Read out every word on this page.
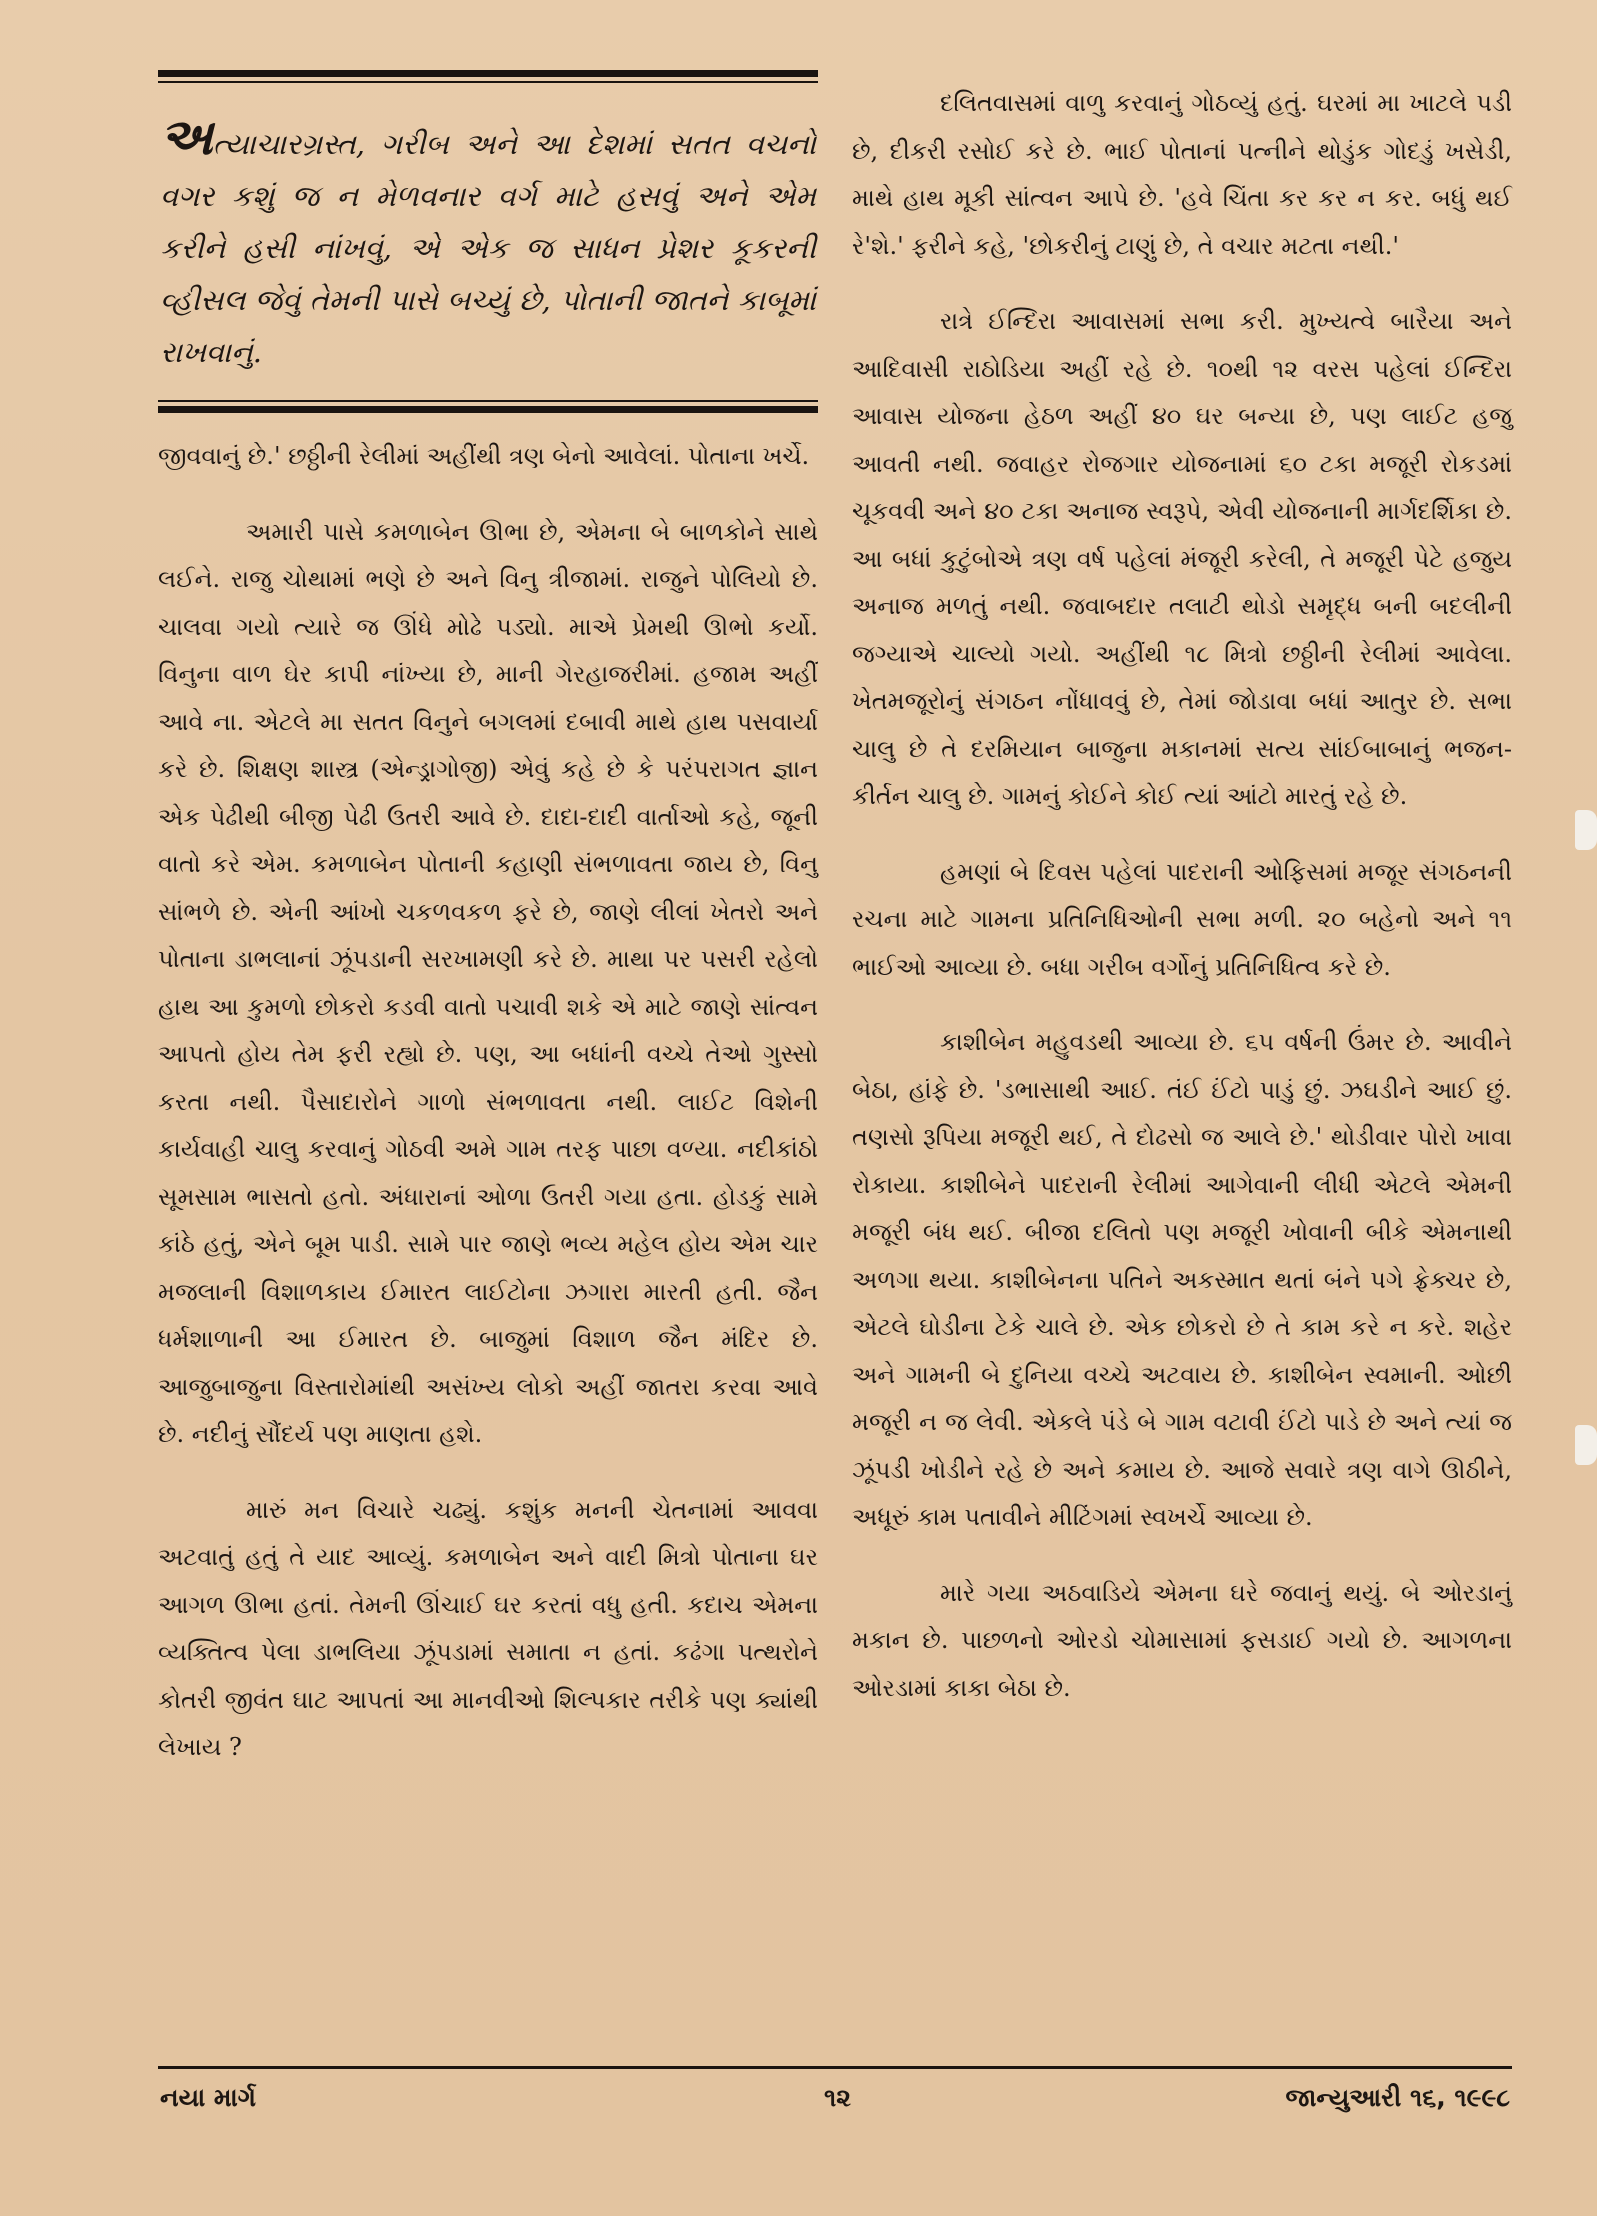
અત્યાચારગ્રસ્ત, ગરીબ અને આ દેશમાં સતત વચનો વગર કશું જ ન મેળવનાર વર્ગ માટે હસવું અને એમ કરીને હસી નાંખવું, એ એક જ સાધન પ્રેશર કૂકરની વ્હીસલ જેવું તેમની પાસે બચ્યું છે, પોતાની જાતને કાબૂમાં રાખવાનું.

જીવવાનું છે.' છઠ્ઠીની રેલીમાં અહીંથી ત્રણ બેનો આવેલાં. પોતાના ખર્ચે.

અમારી પાસે કમળાબેન ઊભા છે, એમના બે બાળકોને સાથે લઈને. રાજુ ચોથામાં ભણે છે અને વિનુ ત્રીજામાં. રાજુને પોલિયો છે. ચાલવા ગયો ત્યારે જ ઊંધે મોઢે પડ્યો. માએ પ્રેમથી ઊભો કર્યો. વિનુના વાળ ઘેર કાપી નાંખ્યા છે, માની ગેરહાજરીમાં. હજામ અહીં આવે ના. એટલે મા સતત વિનુને બગલમાં દબાવી માથે હાથ પસવાર્યા કરે છે. શિક્ષણ શાસ્ત્ર (એન્ડ્રાગોજી) એવું કહે છે કે પરંપરાગત જ્ઞાન એક પેઢીથી બીજી પેઢી ઉતરી આવે છે. દાદા-દાદી વાર્તાઓ કહે, જૂની વાતો કરે એમ. કમળાબેન પોતાની કહાણી સંભળાવતા જાય છે, વિનુ સાંભળે છે. એની આંખો ચકળવકળ ફરે છે, જાણે લીલાં ખેતરો અને પોતાના ડાભલાનાં ઝૂંપડાની સરખામણી કરે છે. માથા પર પસરી રહેલો હાથ આ કુમળો છોકરો કડવી વાતો પચાવી શકે એ માટે જાણે સાંત્વન આપતો હોય તેમ ફરી રહ્યો છે. પણ, આ બધાંની વચ્ચે તેઓ ગુસ્સો કરતા નથી. પૈસાદારોને ગાળો સંભળાવતા નથી. લાઈટ વિશેની કાર્યવાહી ચાલુ કરવાનું ગોઠવી અમે ગામ તરફ પાછા વળ્યા. નદીકાંઠો સૂમસામ ભાસતો હતો. અંધારાનાં ઓળા ઉતરી ગયા હતા. હોડકું સામે કાંઠે હતું, એને બૂમ પાડી. સામે પાર જાણે ભવ્ય મહેલ હોય એમ ચાર મજલાની વિશાળકાય ઈમારત લાઈટોના ઝગારા મારતી હતી. જૈન ધર્મશાળાની આ ઈમારત છે. બાજુમાં વિશાળ જૈન મંદિર છે. આજુબાજુના વિસ્તારોમાંથી અસંખ્ય લોકો અહીં જાતરા કરવા આવે છે. નદીનું સૌંદર્ય પણ માણતા હશે.

મારું મન વિચારે ચઢ્યું. કશુંક મનની ચેતનામાં આવવા અટવાતું હતું તે યાદ આવ્યું. કમળાબેન અને વાદી મિત્રો પોતાના ઘર આગળ ઊભા હતાં. તેમની ઊંચાઈ ઘર કરતાં વધુ હતી. કદાચ એમના વ્યક્તિત્વ પેલા ડાભલિયા ઝૂંપડામાં સમાતા ન હતાં. કઢંગા પત્થરોને કોતરી જીવંત ઘાટ આપતાં આ માનવીઓ શિલ્પકાર તરીકે પણ ક્યાંથી લેખાય ?

દલિતવાસમાં વાળુ કરવાનું ગોઠવ્યું હતું. ઘરમાં મા ખાટલે પડી છે, દીકરી રસોઈ કરે છે. ભાઈ પોતાનાં પત્નીને થોડુંક ગોદડું ખસેડી, માથે હાથ મૂકી સાંત્વન આપે છે. 'હવે ચિંતા કર કર ન કર. બધું થઈ રે'શે.' ફરીને કહે, 'છોકરીનું ટાણું છે, તે વચાર મટતા નથી.'

રાત્રે ઈન્દિરા આવાસમાં સભા કરી. મુખ્યત્વે બારૈયા અને આદિવાસી રાઠોડિયા અહીં રહે છે. ૧૦થી ૧૨ વરસ પહેલાં ઈન્દિરા આવાસ યોજના હેઠળ અહીં ૪૦ ઘર બન્યા છે, પણ લાઈટ હજુ આવતી નથી. જવાહર રોજગાર યોજનામાં ૬૦ ટકા મજૂરી રોકડમાં ચૂકવવી અને ૪૦ ટકા અનાજ સ્વરૂપે, એવી યોજનાની માર્ગદર્શિકા છે. આ બધાં કુટુંબોએ ત્રણ વર્ષ પહેલાં મંજૂરી કરેલી, તે મજૂરી પેટે હજુય અનાજ મળતું નથી. જવાબદાર તલાટી થોડો સમૃદ્ધ બની બદલીની જગ્યાએ ચાલ્યો ગયો. અહીંથી ૧૮ મિત્રો છઠ્ઠીની રેલીમાં આવેલા. ખેતમજૂરોનું સંગઠન નોંધાવવું છે, તેમાં જોડાવા બધાં આતુર છે. સભા ચાલુ છે તે દરમિયાન બાજુના મકાનમાં સત્ય સાંઈબાબાનું ભજન-કીર્તન ચાલુ છે. ગામનું કોઈને કોઈ ત્યાં આંટો મારતું રહે છે.

હમણાં બે દિવસ પહેલાં પાદરાની ઓફિસમાં મજૂર સંગઠનની રચના માટે ગામના પ્રતિનિધિઓની સભા મળી. ૨૦ બહેનો અને ૧૧ ભાઈઓ આવ્યા છે. બધા ગરીબ વર્ગોનું પ્રતિનિધિત્વ કરે છે.

કાશીબેન મહુવડથી આવ્યા છે. ૬૫ વર્ષની ઉંમર છે. આવીને બેઠા, હાંફે છે. 'ડભાસાથી આઈ. તંઈ ઈંટો પાડું છું. ઝઘડીને આઈ છું. તણસો રૂપિયા મજૂરી થઈ, તે દોઢસો જ આલે છે.' થોડીવાર પોરો ખાવા રોકાયા. કાશીબેને પાદરાની રેલીમાં આગેવાની લીધી એટલે એમની મજૂરી બંધ થઈ. બીજા દલિતો પણ મજૂરી ખોવાની બીકે એમનાથી અળગા થયા. કાશીબેનના પતિને અકસ્માત થતાં બંને પગે ફ્રેક્ચર છે, એટલે ઘોડીના ટેકે ચાલે છે. એક છોકરો છે તે કામ કરે ન કરે. શહેર અને ગામની બે દુનિયા વચ્ચે અટવાય છે. કાશીબેન સ્વમાની. ઓછી મજૂરી ન જ લેવી. એકલે પંડે બે ગામ વટાવી ઈંટો પાડે છે અને ત્યાં જ ઝૂંપડી ખોડીને રહે છે અને કમાય છે. આજે સવારે ત્રણ વાગે ઊઠીને, અધૂરું કામ પતાવીને મીટિંગમાં સ્વખર્ચે આવ્યા છે.

મારે ગયા અઠવાડિયે એમના ઘરે જવાનું થયું. બે ઓરડાનું મકાન છે. પાછળનો ઓરડો ચોમાસામાં ફસડાઈ ગયો છે. આગળના ઓરડામાં કાકા બેઠા છે.

નયા માર્ગ	૧૨	જાન્યુઆરી ૧૬, ૧૯૯૮
